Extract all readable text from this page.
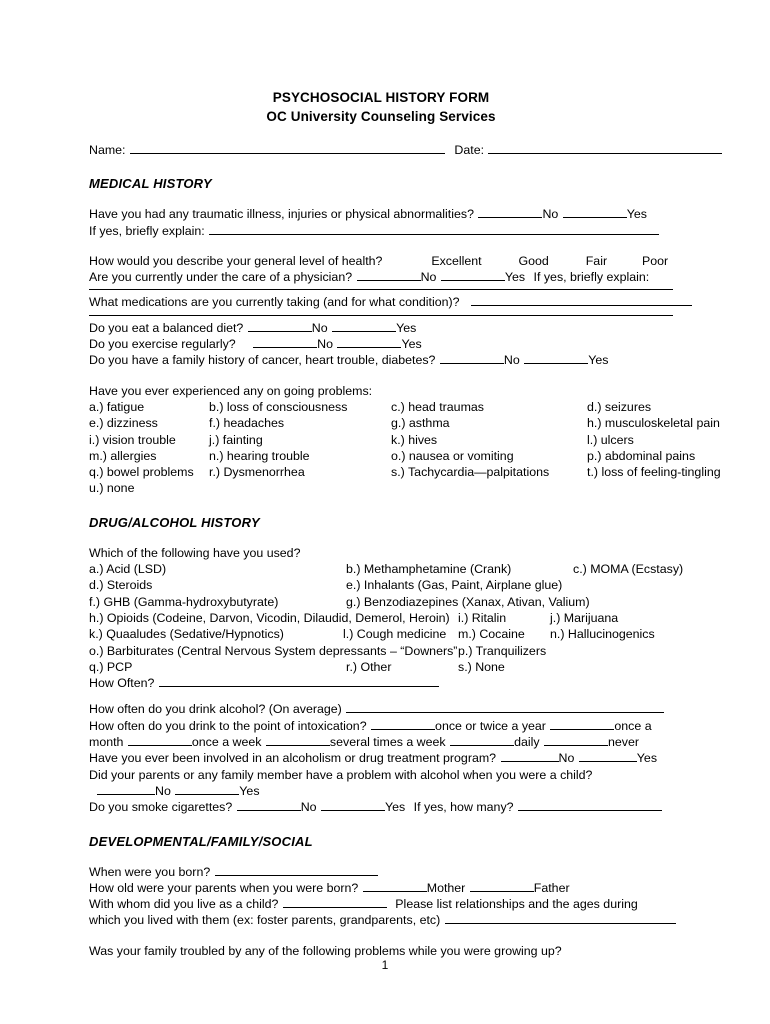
PSYCHOSOCIAL HISTORY FORM
OC University Counseling Services
Name:	Date:
MEDICAL HISTORY
Have you had any traumatic illness, injuries or physical abnormalities?	No	Yes
If yes, briefly explain:
How would you describe your general level of health?	Excellent	Good	Fair	Poor
Are you currently under the care of a physician?	No	Yes If yes, briefly explain:
What medications are you currently taking (and for what condition)?
Do you eat a balanced diet?	No	Yes
Do you exercise regularly?	No	Yes
Do you have a family history of cancer, heart trouble, diabetes?	No	Yes
Have you ever experienced any on going problems:
a.) fatigue	b.) loss of consciousness	c.) head traumas	d.) seizures
e.) dizziness	f.) headaches	g.) asthma	h.) musculoskeletal pain
i.) vision trouble	j.) fainting	k.) hives	l.) ulcers
m.) allergies	n.) hearing trouble	o.) nausea or vomiting	p.) abdominal pains
q.) bowel problems	r.) Dysmenorrhea	s.) Tachycardia—palpitations	t.) loss of feeling-tingling
u.) none
DRUG/ALCOHOL HISTORY
Which of the following have you used?
a.) Acid (LSD)	b.) Methamphetamine (Crank)	c.) MOMA (Ecstasy)
d.) Steroids	e.) Inhalants (Gas, Paint, Airplane glue)
f.) GHB (Gamma-hydroxybutyrate)	g.) Benzodiazepines (Xanax, Ativan, Valium)
h.) Opioids (Codeine, Darvon, Vicodin, Dilaudid, Demerol, Heroin) i.) Ritalin	j.) Marijuana
k.) Quaaludes (Sedative/Hypnotics)	l.) Cough medicine m.) Cocaine	n.) Hallucinogenics
o.) Barbiturates (Central Nervous System depressants – “Downers” p.) Tranquilizers
q.) PCP	r.) Other	s.) None
How Often?
How often do you drink alcohol? (On average)
How often do you drink to the point of intoxication?	once or twice a year	once a
month	once a week	several times a week	daily	never
Have you ever been involved in an alcoholism or drug treatment program?	No	Yes
Did your parents or any family member have a problem with alcohol when you were a child?
No	Yes
Do you smoke cigarettes?	No	Yes If yes, how many?
DEVELOPMENTAL/FAMILY/SOCIAL
When were you born?
How old were your parents when you were born?	Mother	Father
With whom did you live as a child?	Please list relationships and the ages during
which you lived with them (ex: foster parents, grandparents, etc)
Was your family troubled by any of the following problems while you were growing up?
1
